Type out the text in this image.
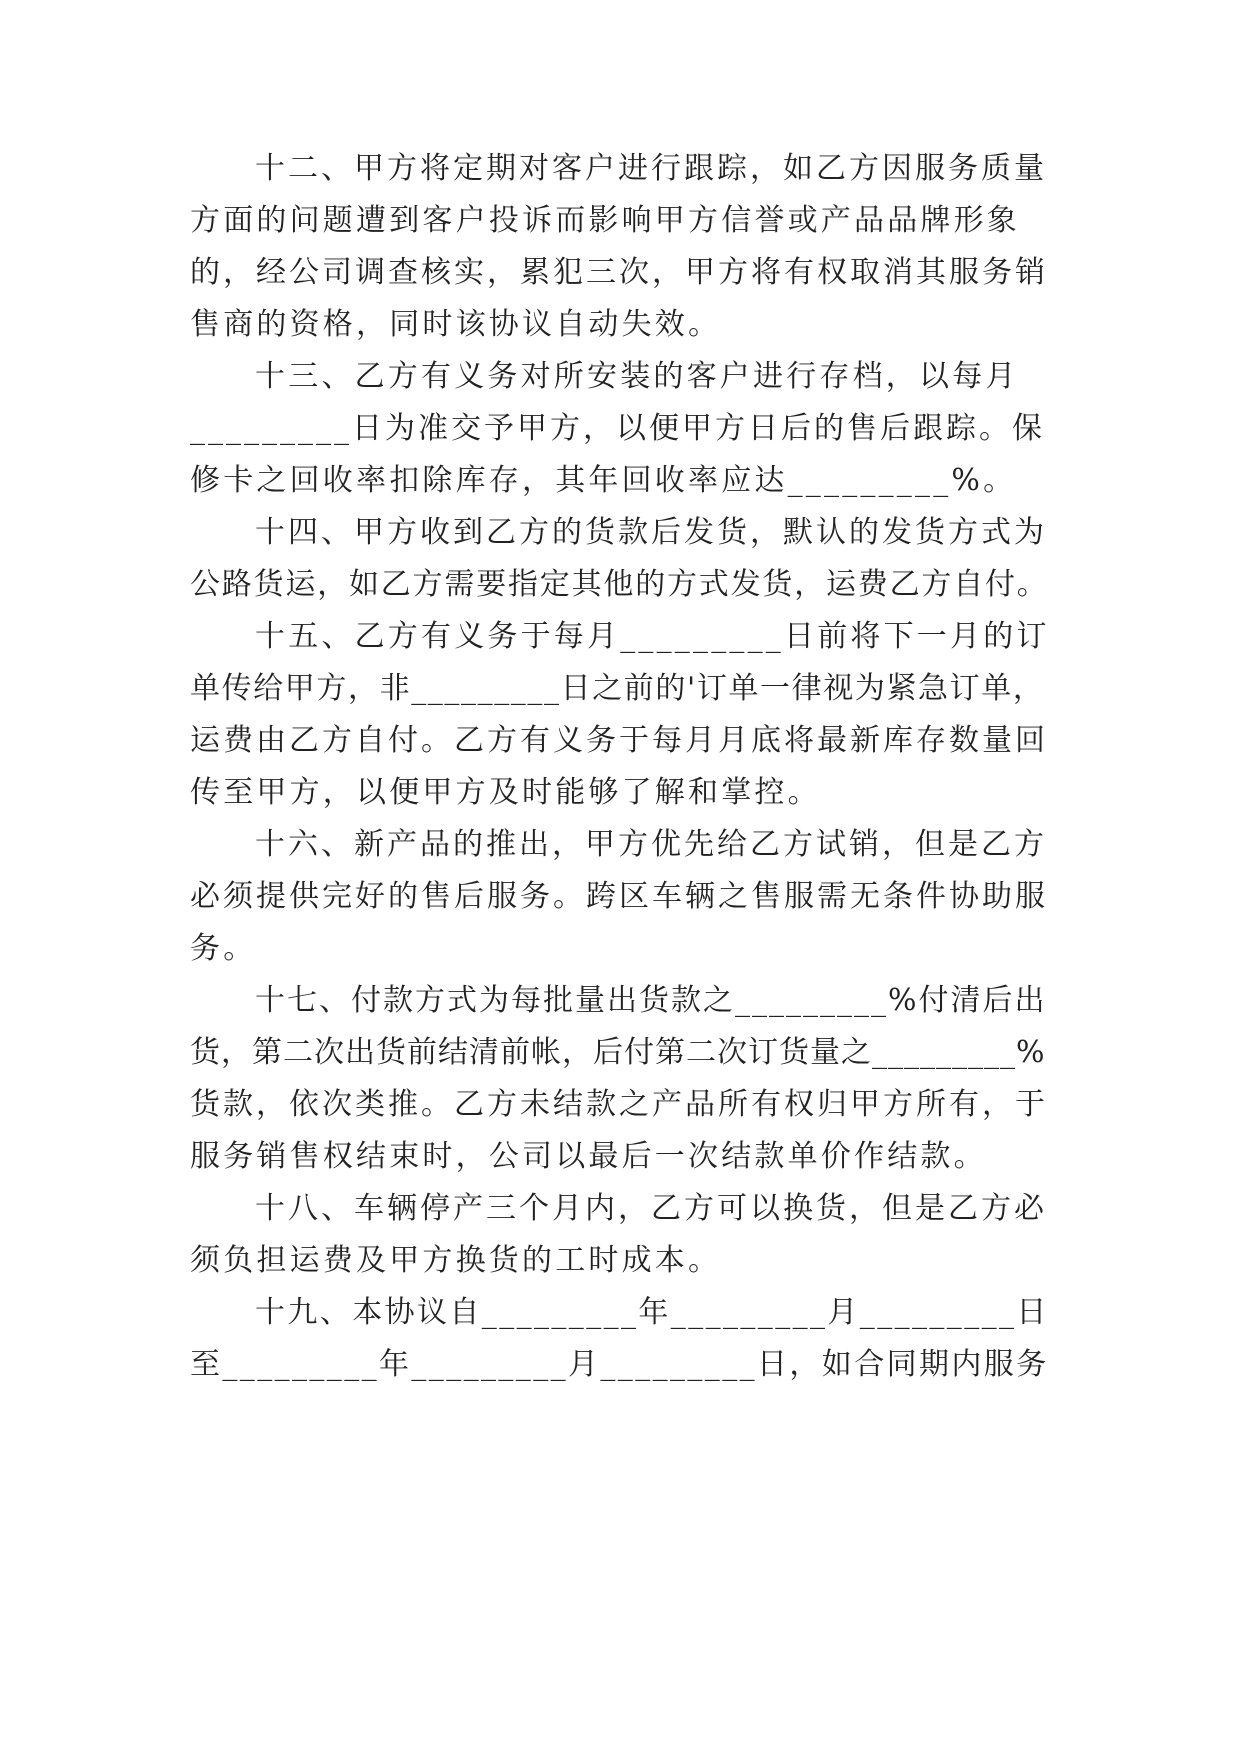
十二、甲方将定期对客户进行跟踪，如乙方因服务质量
方面的问题遭到客户投诉而影响甲方信誉或产品品牌形象
的，经公司调查核实，累犯三次，甲方将有权取消其服务销
售商的资格，同时该协议自动失效。
十三、乙方有义务对所安装的客户进行存档，以每月
_________日为准交予甲方，以便甲方日后的售后跟踪。保
修卡之回收率扣除库存，其年回收率应达_________%。
十四、甲方收到乙方的货款后发货，默认的发货方式为
公路货运，如乙方需要指定其他的方式发货，运费乙方自付。
十五、乙方有义务于每月_________日前将下一月的订
单传给甲方，非_________日之前的'订单一律视为紧急订单，
运费由乙方自付。乙方有义务于每月月底将最新库存数量回
传至甲方，以便甲方及时能够了解和掌控。
十六、新产品的推出，甲方优先给乙方试销，但是乙方
必须提供完好的售后服务。跨区车辆之售服需无条件协助服
务。
十七、付款方式为每批量出货款之_________%付清后出
货，第二次出货前结清前帐，后付第二次订货量之_________%
货款，依次类推。乙方未结款之产品所有权归甲方所有，于
服务销售权结束时，公司以最后一次结款单价作结款。
十八、车辆停产三个月内，乙方可以换货，但是乙方必
须负担运费及甲方换货的工时成本。
十九、本协议自_________年_________月_________日
至_________年_________月_________日，如合同期内服务
